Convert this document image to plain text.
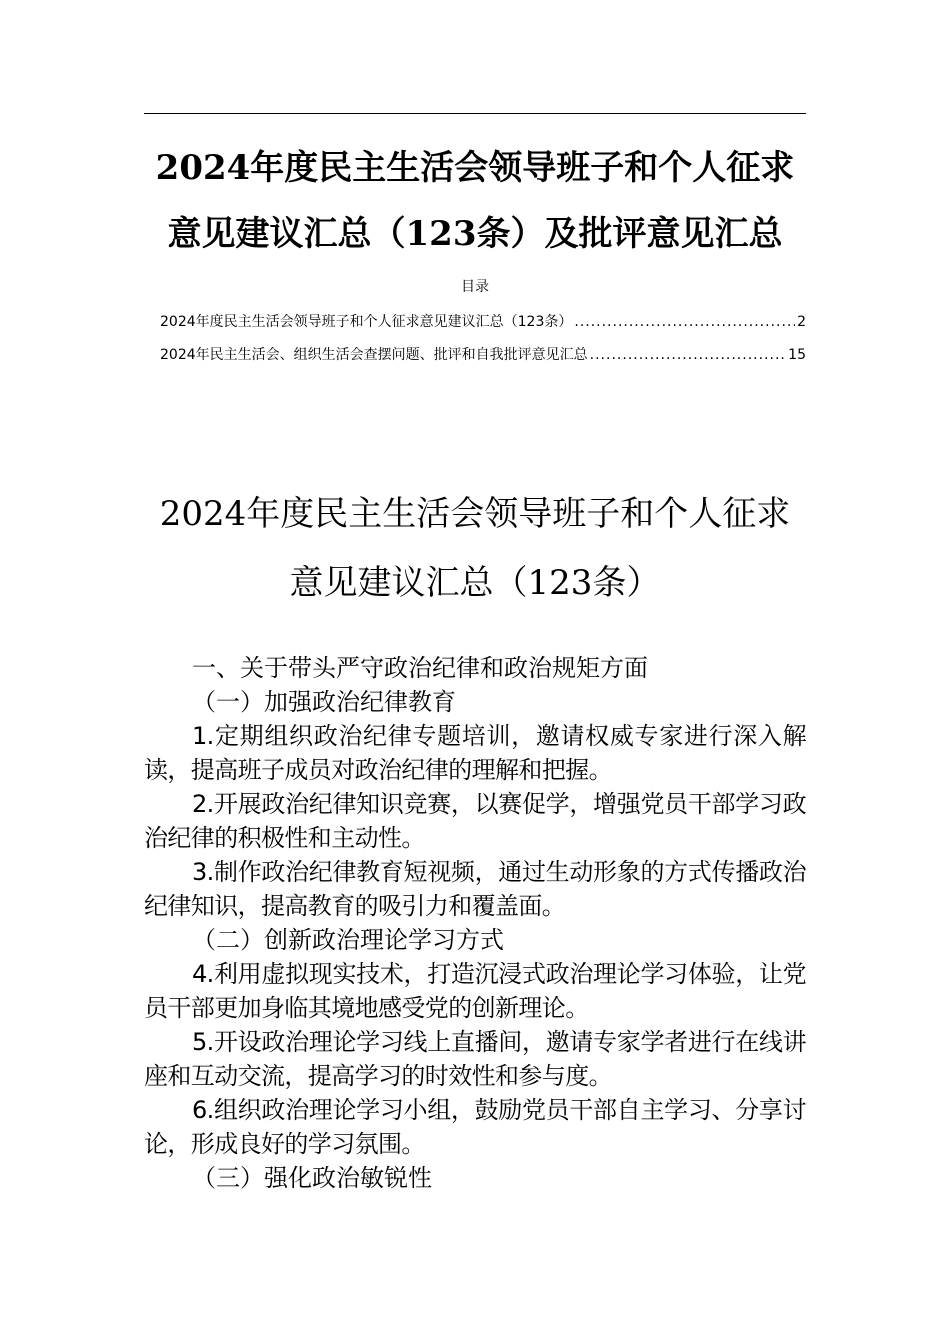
2024年度民主生活会领导班子和个人征求
意见建议汇总（123条）及批评意见汇总
目录
2024年度民主生活会领导班子和个人征求意见建议汇总（123条） .....	2
2024年民主生活会、组织生活会查摆问题、批评和自我批评意见汇总 .....	15
2024年度民主生活会领导班子和个人征求
意见建议汇总（123条）

一、关于带头严守政治纪律和政治规矩方面

（一）加强政治纪律教育

1.定期组织政治纪律专题培训，邀请权威专家进行深入解读，提高班子成员对政治纪律的理解和把握。

2.开展政治纪律知识竞赛，以赛促学，增强党员干部学习政治纪律的积极性和主动性。

3.制作政治纪律教育短视频，通过生动形象的方式传播政治纪律知识，提高教育的吸引力和覆盖面。

（二）创新政治理论学习方式

4.利用虚拟现实技术，打造沉浸式政治理论学习体验，让党员干部更加身临其境地感受党的创新理论。

5.开设政治理论学习线上直播间，邀请专家学者进行在线讲座和互动交流，提高学习的时效性和参与度。

6.组织政治理论学习小组，鼓励党员干部自主学习、分享讨论，形成良好的学习氛围。

（三）强化政治敏锐性
